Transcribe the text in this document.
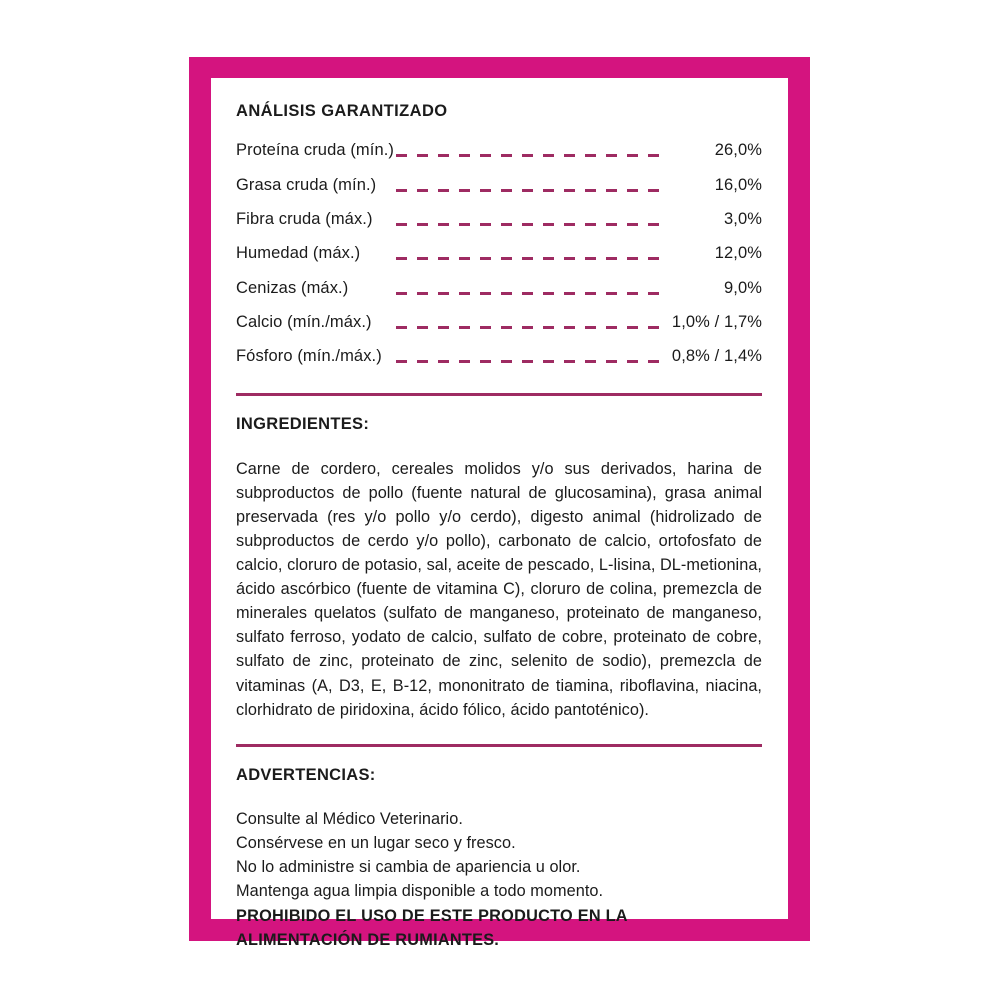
ANÁLISIS GARANTIZADO
Proteína cruda (mín.)		26,0%
Grasa cruda (mín.)		16,0%
Fibra cruda (máx.)		3,0%
Humedad (máx.)		12,0%
Cenizas (máx.)		9,0%
Calcio (mín./máx.)		1,0% / 1,7%
Fósforo (mín./máx.)		0,8% / 1,4%
INGREDIENTES:

Carne de cordero, cereales molidos y/o sus derivados, harina de subproductos de pollo (fuente natural de glucosamina), grasa animal preservada (res y/o pollo y/o cerdo), digesto animal (hidrolizado de subproductos de cerdo y/o pollo), carbonato de calcio, ortofosfato de calcio, cloruro de potasio, sal, aceite de pescado, L-lisina, DL-metionina, ácido ascórbico (fuente de vitamina C), cloruro de colina, premezcla de minerales quelatos (sulfato de manganeso, proteinato de manganeso, sulfato ferroso, yodato de calcio, sulfato de cobre, proteinato de cobre, sulfato de zinc, proteinato de zinc, selenito de sodio), premezcla de vitaminas (A, D3, E, B-12, mononitrato de tiamina, riboflavina, niacina, clorhidrato de piridoxina, ácido fólico, ácido pantoténico).

ADVERTENCIAS:
Consulte al Médico Veterinario.
Consérvese en un lugar seco y fresco.
No lo administre si cambia de apariencia u olor.
Mantenga agua limpia disponible a todo momento.
PROHIBIDO EL USO DE ESTE PRODUCTO EN LA
ALIMENTACIÓN DE RUMIANTES.
